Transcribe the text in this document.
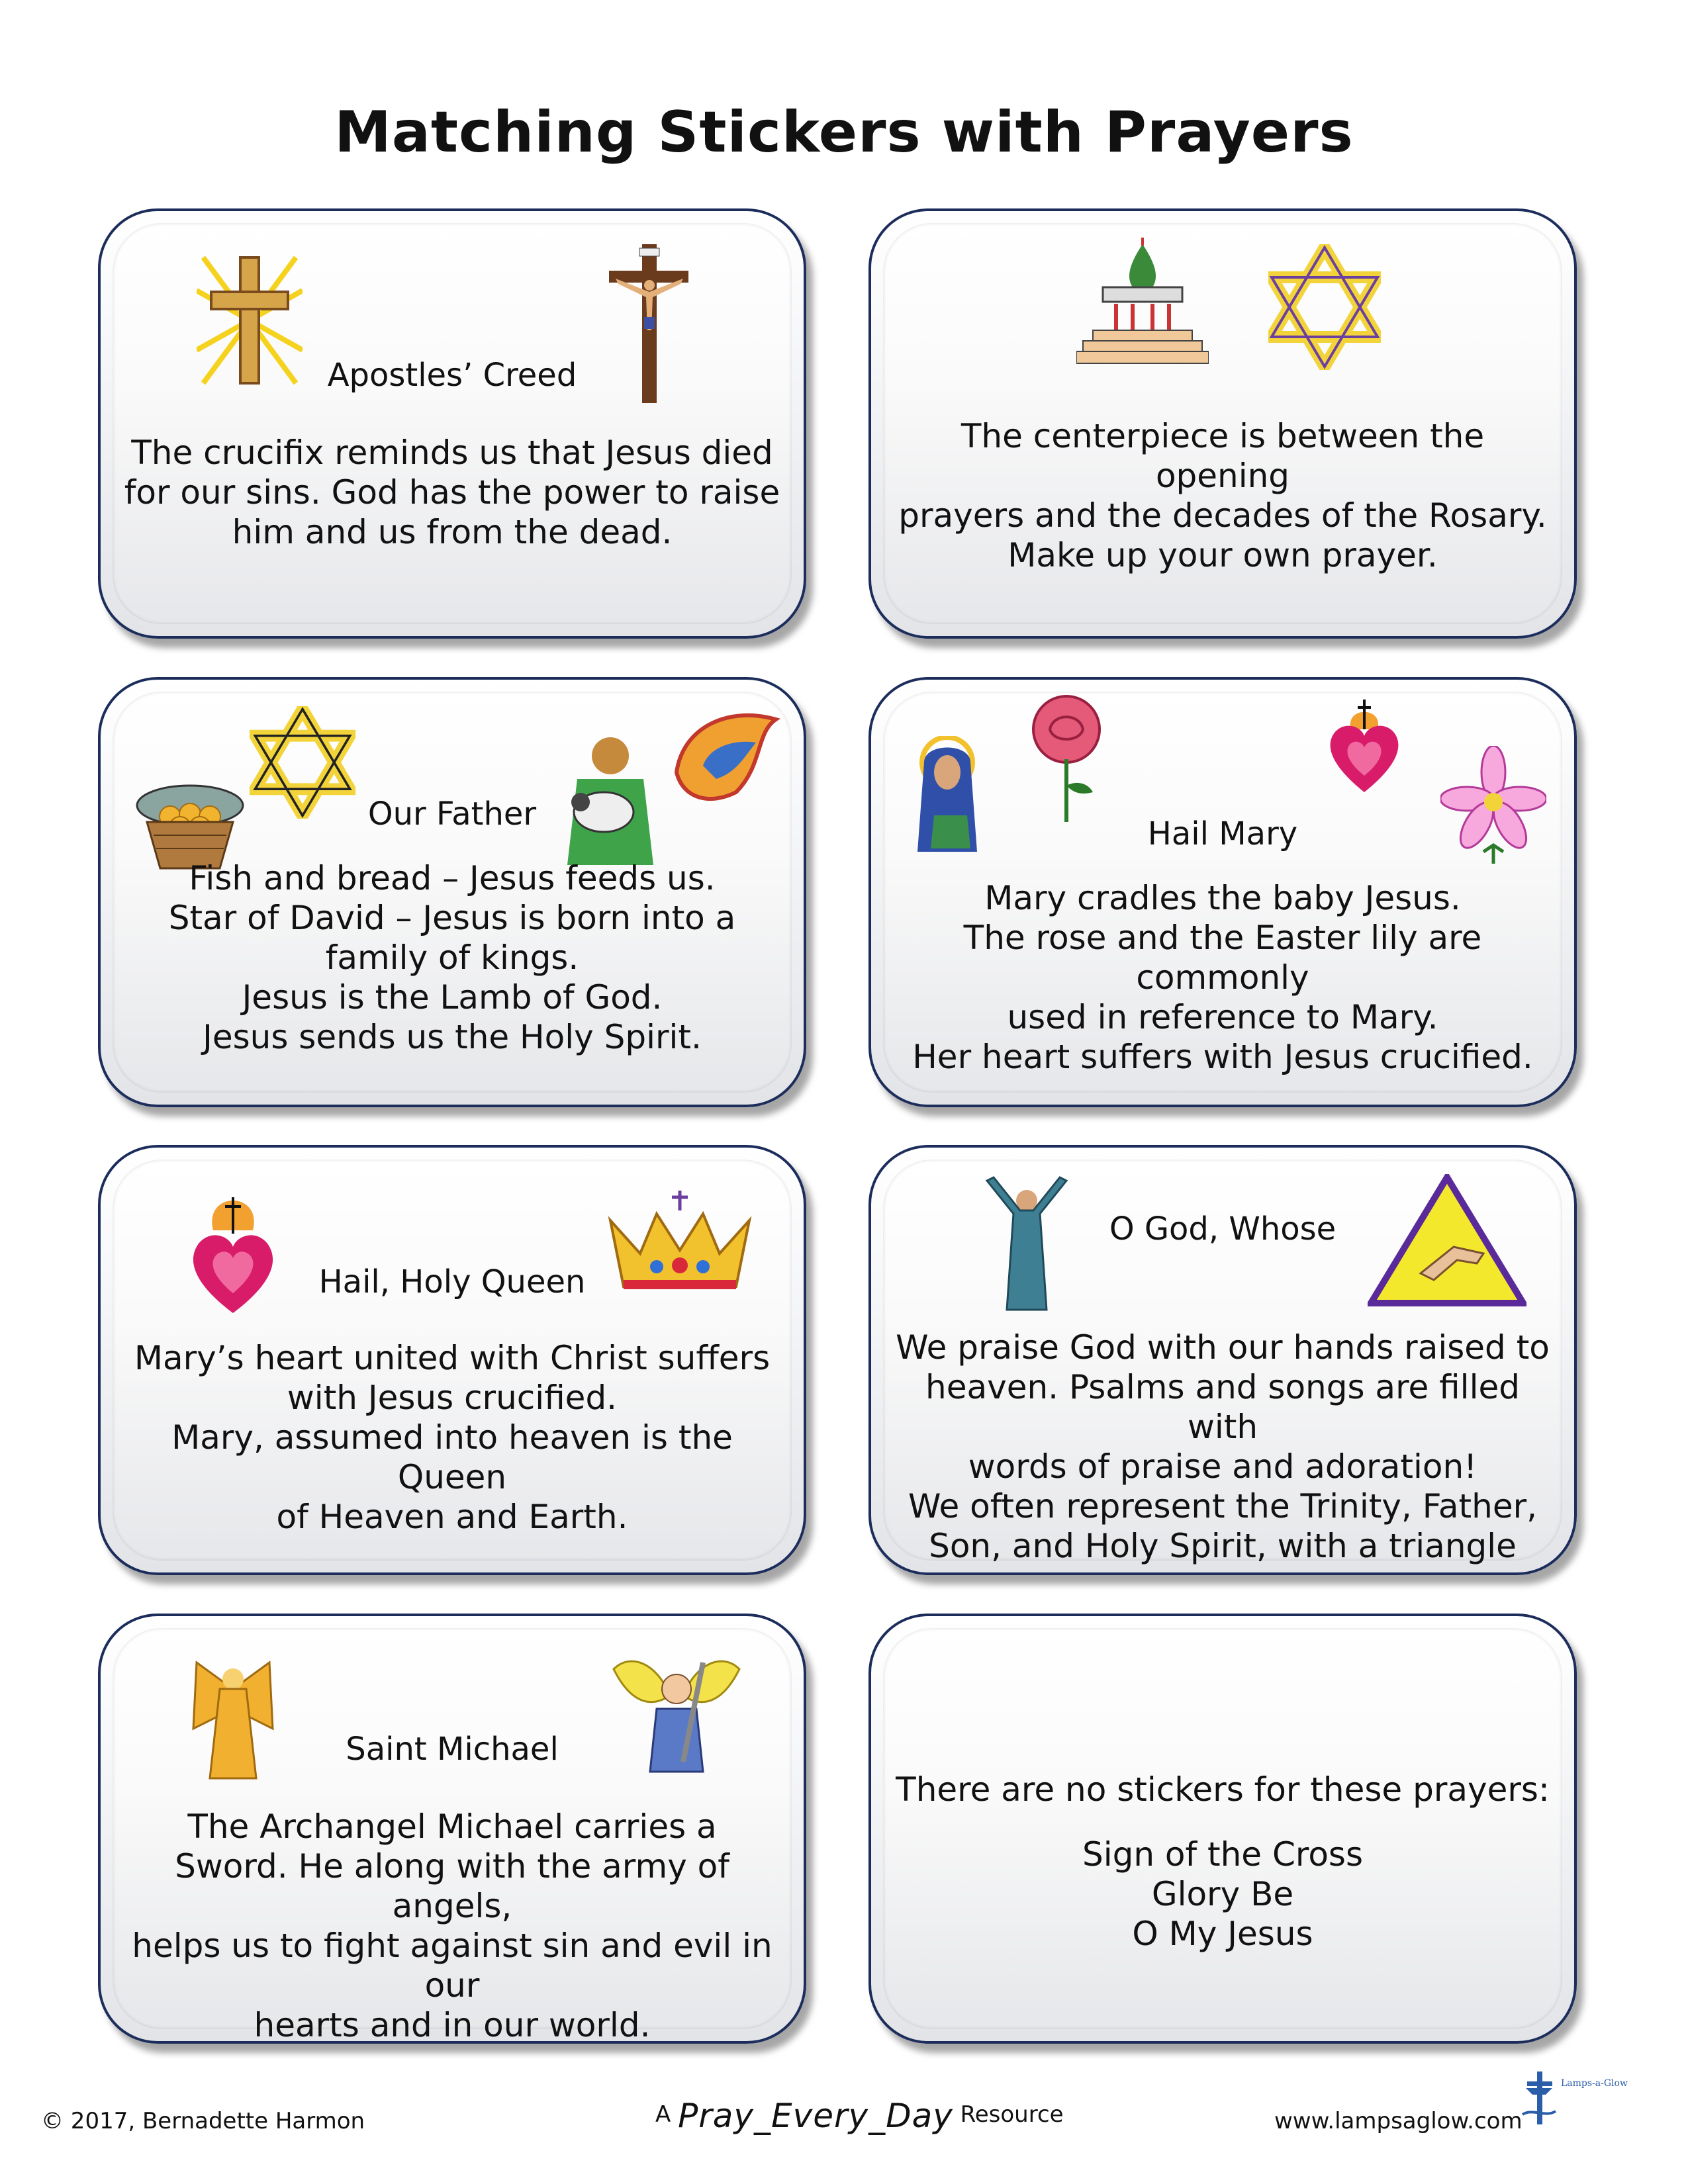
Matching Stickers with Prayers
Apostles’ Creed
The crucifix reminds us that Jesus died
for our sins. God has the power to raise
him and us from the dead.
The centerpiece is between the opening
prayers and the decades of the Rosary.
Make up your own prayer.
Our Father
Fish and bread – Jesus feeds us.
Star of David – Jesus is born into a
family of kings.
Jesus is the Lamb of God.
Jesus sends us the Holy Spirit.
Hail Mary
Mary cradles the baby Jesus.
The rose and the Easter lily are commonly
used in reference to Mary.
Her heart suffers with Jesus crucified.
Hail, Holy Queen
Mary’s heart united with Christ suffers
with Jesus crucified.
Mary, assumed into heaven is the Queen
of Heaven and Earth.
O God, Whose
We praise God with our hands raised to
heaven. Psalms and songs are filled with
words of praise and adoration!
We often represent the Trinity, Father,
Son, and Holy Spirit, with a triangle
Saint Michael
The Archangel Michael carries a
Sword. He along with the army of angels,
helps us to fight against sin and evil in our
hearts and in our world.
There are no stickers for these prayers:
Sign of the Cross
Glory Be
O My Jesus
© 2017, Bernadette Harmon	A Pray_Every_Day Resource	www.lampsaglow.com
Lamps-a-Glow
